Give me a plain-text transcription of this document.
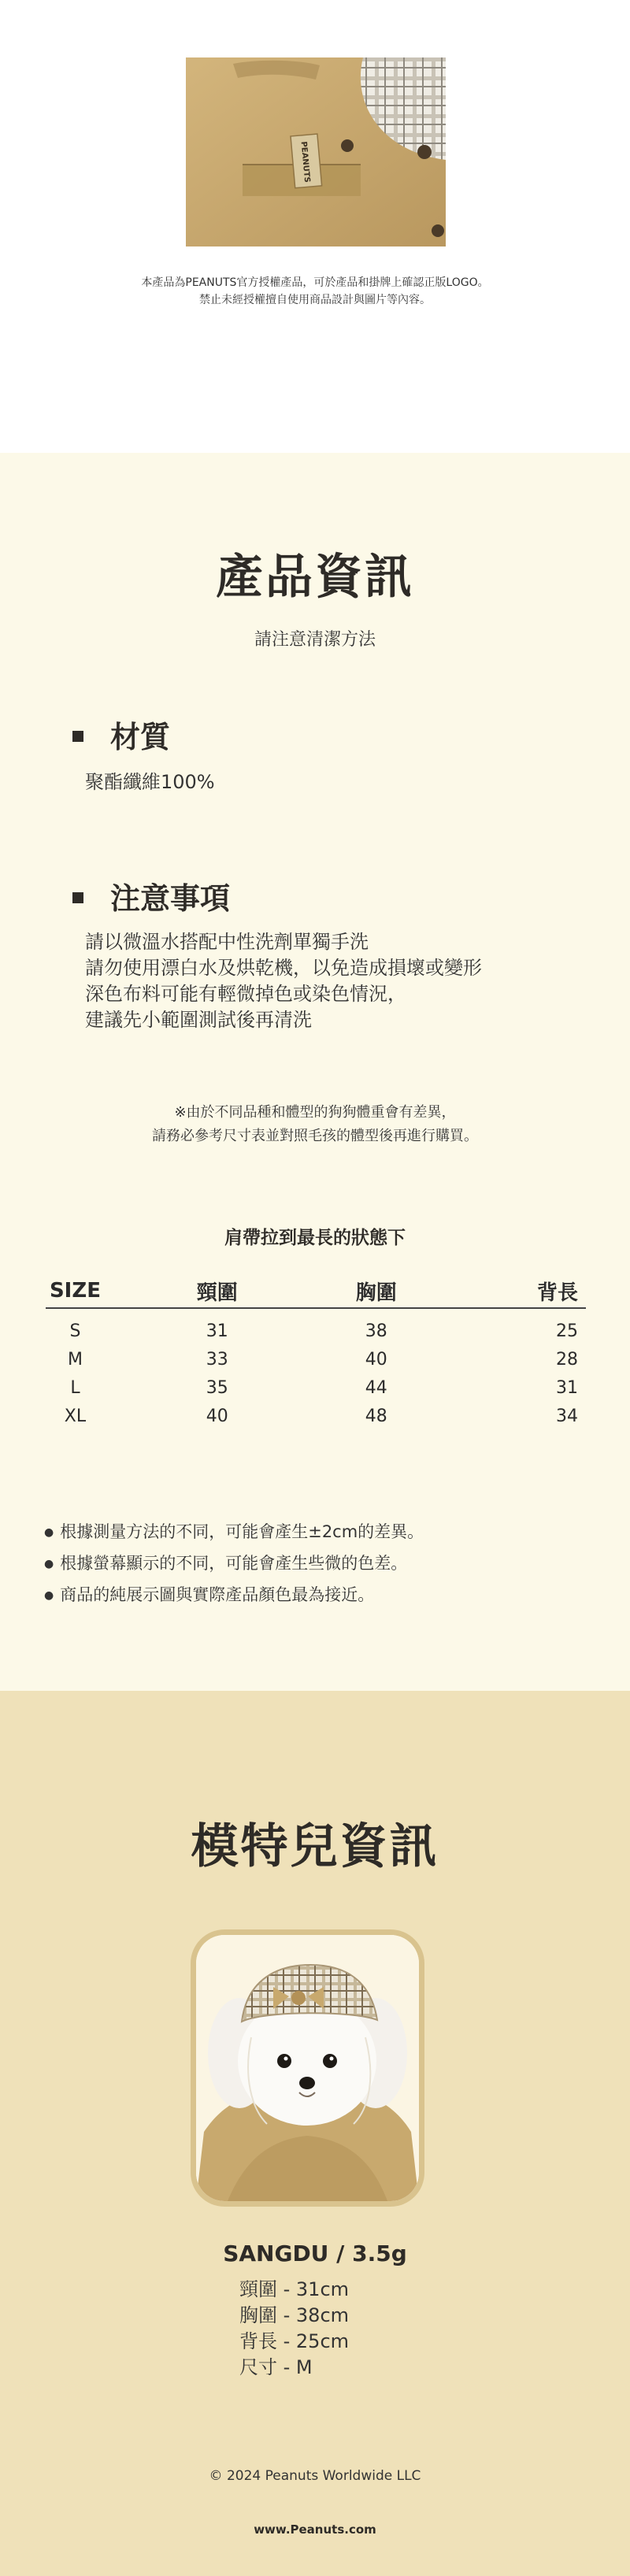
PEANUTS
本產品為PEANUTS官方授權產品，可於產品和掛牌上確認正版LOGO。
禁止未經授權擅自使用商品設計與圖片等內容。
產品資訊
請注意清潔方法
材質
聚酯纖維100%
注意事項
請以微溫水搭配中性洗劑單獨手洗
請勿使用漂白水及烘乾機，以免造成損壞或變形
深色布料可能有輕微掉色或染色情況，
建議先小範圍測試後再清洗
※由於不同品種和體型的狗狗體重會有差異，
請務必參考尺寸表並對照毛孩的體型後再進行購買。
肩帶拉到最長的狀態下
SIZE	頸圍	胸圍	背長
S	31	38	25
M	33	40	28
L	35	44	31
XL	40	48	34
● 根據測量方法的不同，可能會產生±2cm的差異。
● 根據螢幕顯示的不同，可能會產生些微的色差。
● 商品的純展示圖與實際產品顏色最為接近。
模特兒資訊
SANGDU / 3.5g
頸圍 - 31cm
胸圍 - 38cm
背長 - 25cm
尺寸 - M
© 2024 Peanuts Worldwide LLC
www.Peanuts.com
